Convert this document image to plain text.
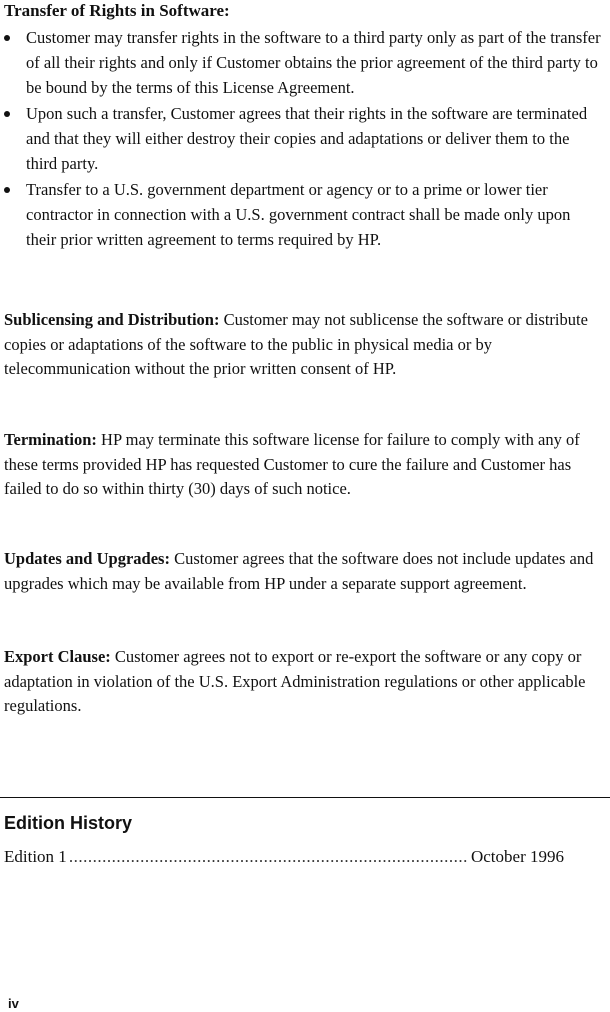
Transfer of Rights in Software:

Customer may transfer rights in the software to a third party only as part of the transfer of all their rights and only if Customer obtains the prior agreement of the third party to be bound by the terms of this License Agreement.
Upon such a transfer, Customer agrees that their rights in the software are terminated and that they will either destroy their copies and adaptations or deliver them to the third party.
Transfer to a U.S. government department or agency or to a prime or lower tier contractor in connection with a U.S. government contract shall be made only upon their prior written agreement to terms required by HP.

Sublicensing and Distribution: Customer may not sublicense the software or distribute copies or adaptations of the software to the public in physical media or by telecommunication without the prior written consent of HP.

Termination: HP may terminate this software license for failure to comply with any of these terms provided HP has requested Customer to cure the failure and Customer has failed to do so within thirty (30) days of such notice.

Updates and Upgrades: Customer agrees that the software does not include updates and upgrades which may be available from HP under a separate support agreement.

Export Clause: Customer agrees not to export or re-export the software or any copy or adaptation in violation of the U.S. Export Administration regulations or other applicable regulations.

Edition History

Edition 1
.....	October 1996
iv
